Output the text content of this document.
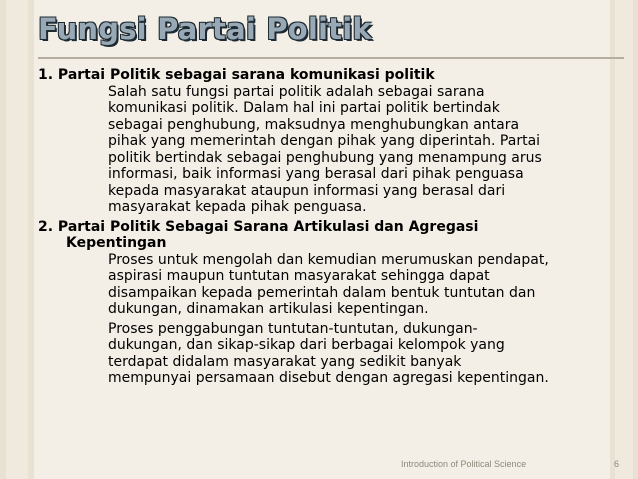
Fungsi Partai Politik
1. Partai Politik sebagai sarana komunikasi politik
Salah satu fungsi partai politik adalah sebagai sarana
komunikasi politik. Dalam hal ini partai politik bertindak
sebagai penghubung, maksudnya menghubungkan antara
pihak yang memerintah dengan pihak yang diperintah. Partai
politik bertindak sebagai penghubung yang menampung arus
informasi, baik informasi yang berasal dari pihak penguasa
kepada masyarakat ataupun informasi yang berasal dari
masyarakat kepada pihak penguasa.
2. Partai Politik Sebagai Sarana Artikulasi dan Agregasi
Kepentingan
Proses untuk mengolah dan kemudian merumuskan pendapat,
aspirasi maupun tuntutan masyarakat sehingga dapat
disampaikan kepada pemerintah dalam bentuk tuntutan dan
dukungan, dinamakan artikulasi kepentingan.
Proses penggabungan tuntutan-tuntutan, dukungan-
dukungan, dan sikap-sikap dari berbagai kelompok yang
terdapat didalam masyarakat yang sedikit banyak
mempunyai persamaan disebut dengan agregasi kepentingan.
Introduction of Political Science	6
